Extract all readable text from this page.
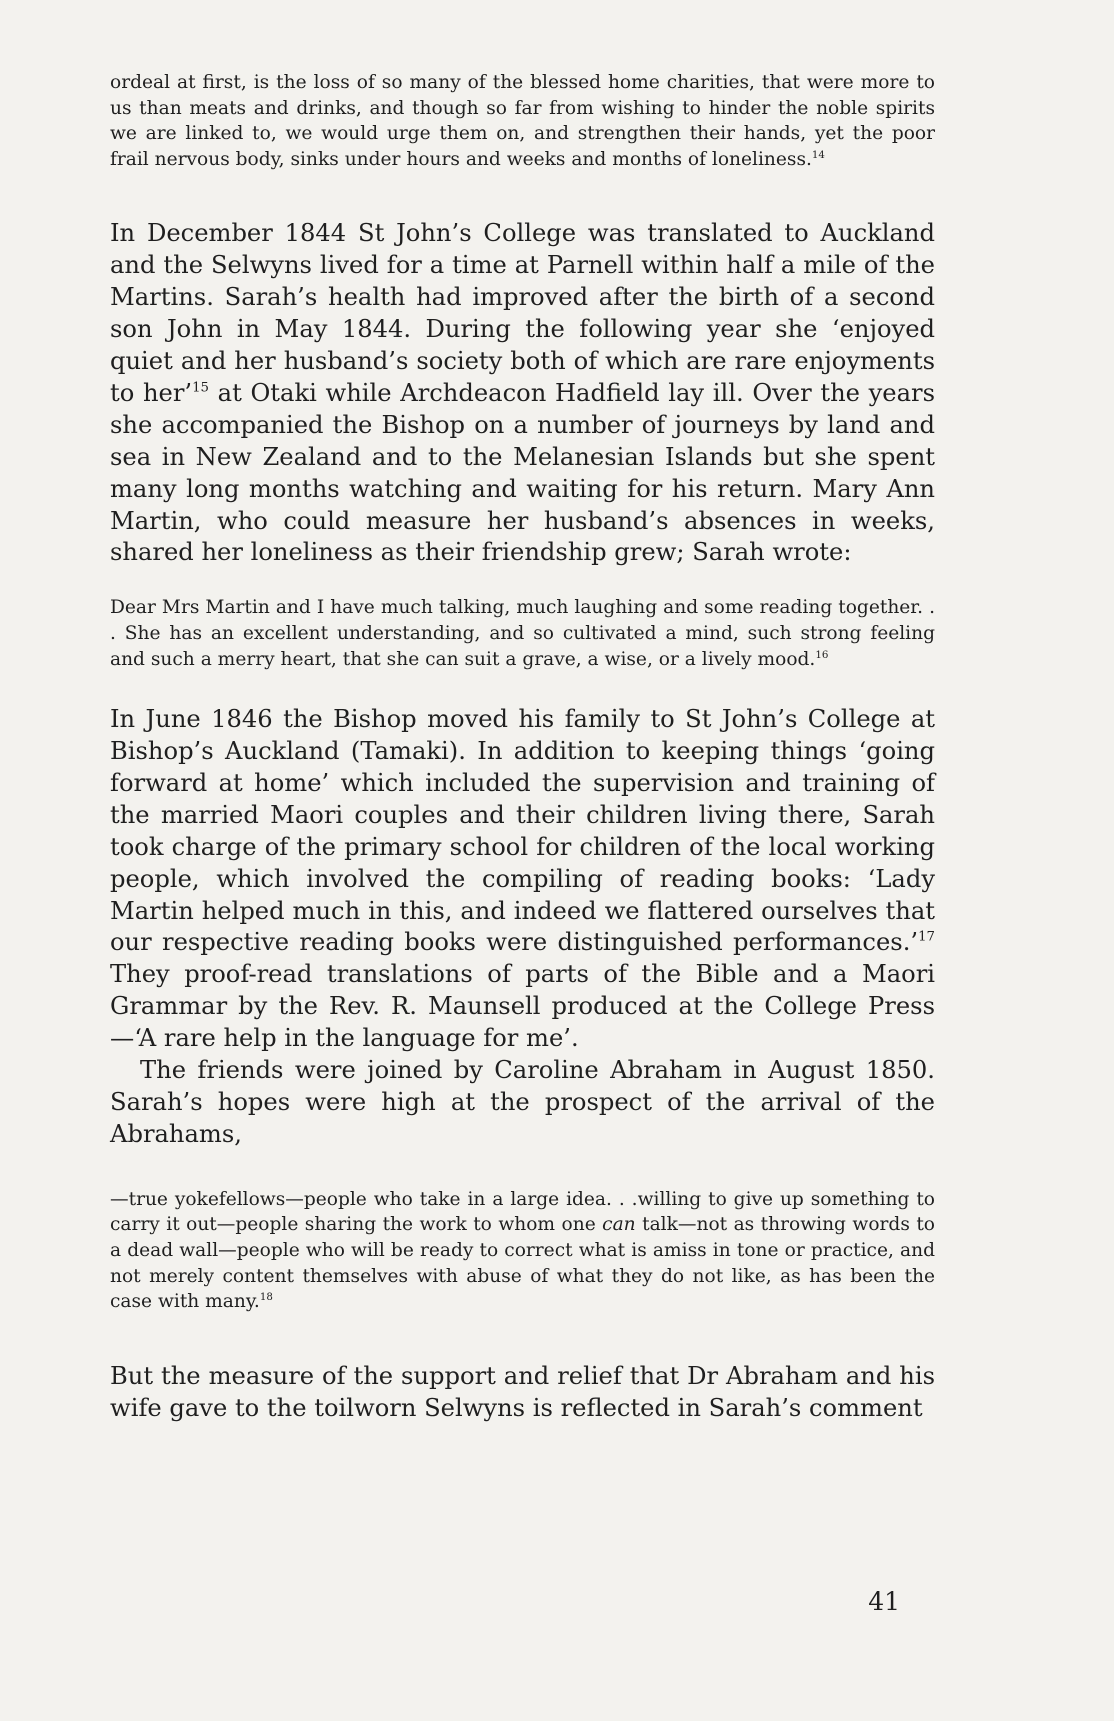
ordeal at first, is the loss of so many of the blessed home charities, that were more to us than meats and drinks, and though so far from wishing to hinder the noble spirits we are linked to, we would urge them on, and strengthen their hands, yet the poor frail nervous body, sinks under hours and weeks and months of loneliness.$^{14}$

In December 1844 St John’s College was translated to Auckland and the Selwyns lived for a time at Parnell within half a mile of the Martins. Sarah’s health had improved after the birth of a second son John in May 1844. During the following year she ‘enjoyed quiet and her husband’s society both of which are rare enjoyments to her’$^{15}$ at Otaki while Archdeacon Hadfield lay ill. Over the years she accompanied the Bishop on a number of journeys by land and sea in New Zealand and to the Melanesian Islands but she spent many long months watching and waiting for his return. Mary Ann Martin, who could measure her husband’s absences in weeks, shared her loneliness as their friendship grew; Sarah wrote:

Dear Mrs Martin and I have much talking, much laughing and some reading together. . . She has an excellent understanding, and so cultivated a mind, such strong feeling and such a merry heart, that she can suit a grave, a wise, or a lively mood.$^{16}$

In June 1846 the Bishop moved his family to St John’s College at Bishop’s Auckland (Tamaki). In addition to keeping things ‘going forward at home’ which included the supervision and training of the married Maori couples and their children living there, Sarah took charge of the primary school for children of the local working people, which involved the compiling of reading books: ‘Lady Martin helped much in this, and indeed we flattered ourselves that our respective reading books were distinguished performances.’$^{17}$ They proof-read translations of parts of the Bible and a Maori Grammar by the Rev. R. Maunsell produced at the College Press—‘A rare help in the language for me’.

The friends were joined by Caroline Abraham in August 1850. Sarah’s hopes were high at the prospect of the arrival of the Abrahams,

—true yokefellows—people who take in a large idea. . .willing to give up something to carry it out—people sharing the work to whom one can talk—not as throwing words to a dead wall—people who will be ready to correct what is amiss in tone or practice, and not merely content themselves with abuse of what they do not like, as has been the case with many.$^{18}$

But the measure of the support and relief that Dr Abraham and his wife gave to the toilworn Selwyns is reflected in Sarah’s comment

41
